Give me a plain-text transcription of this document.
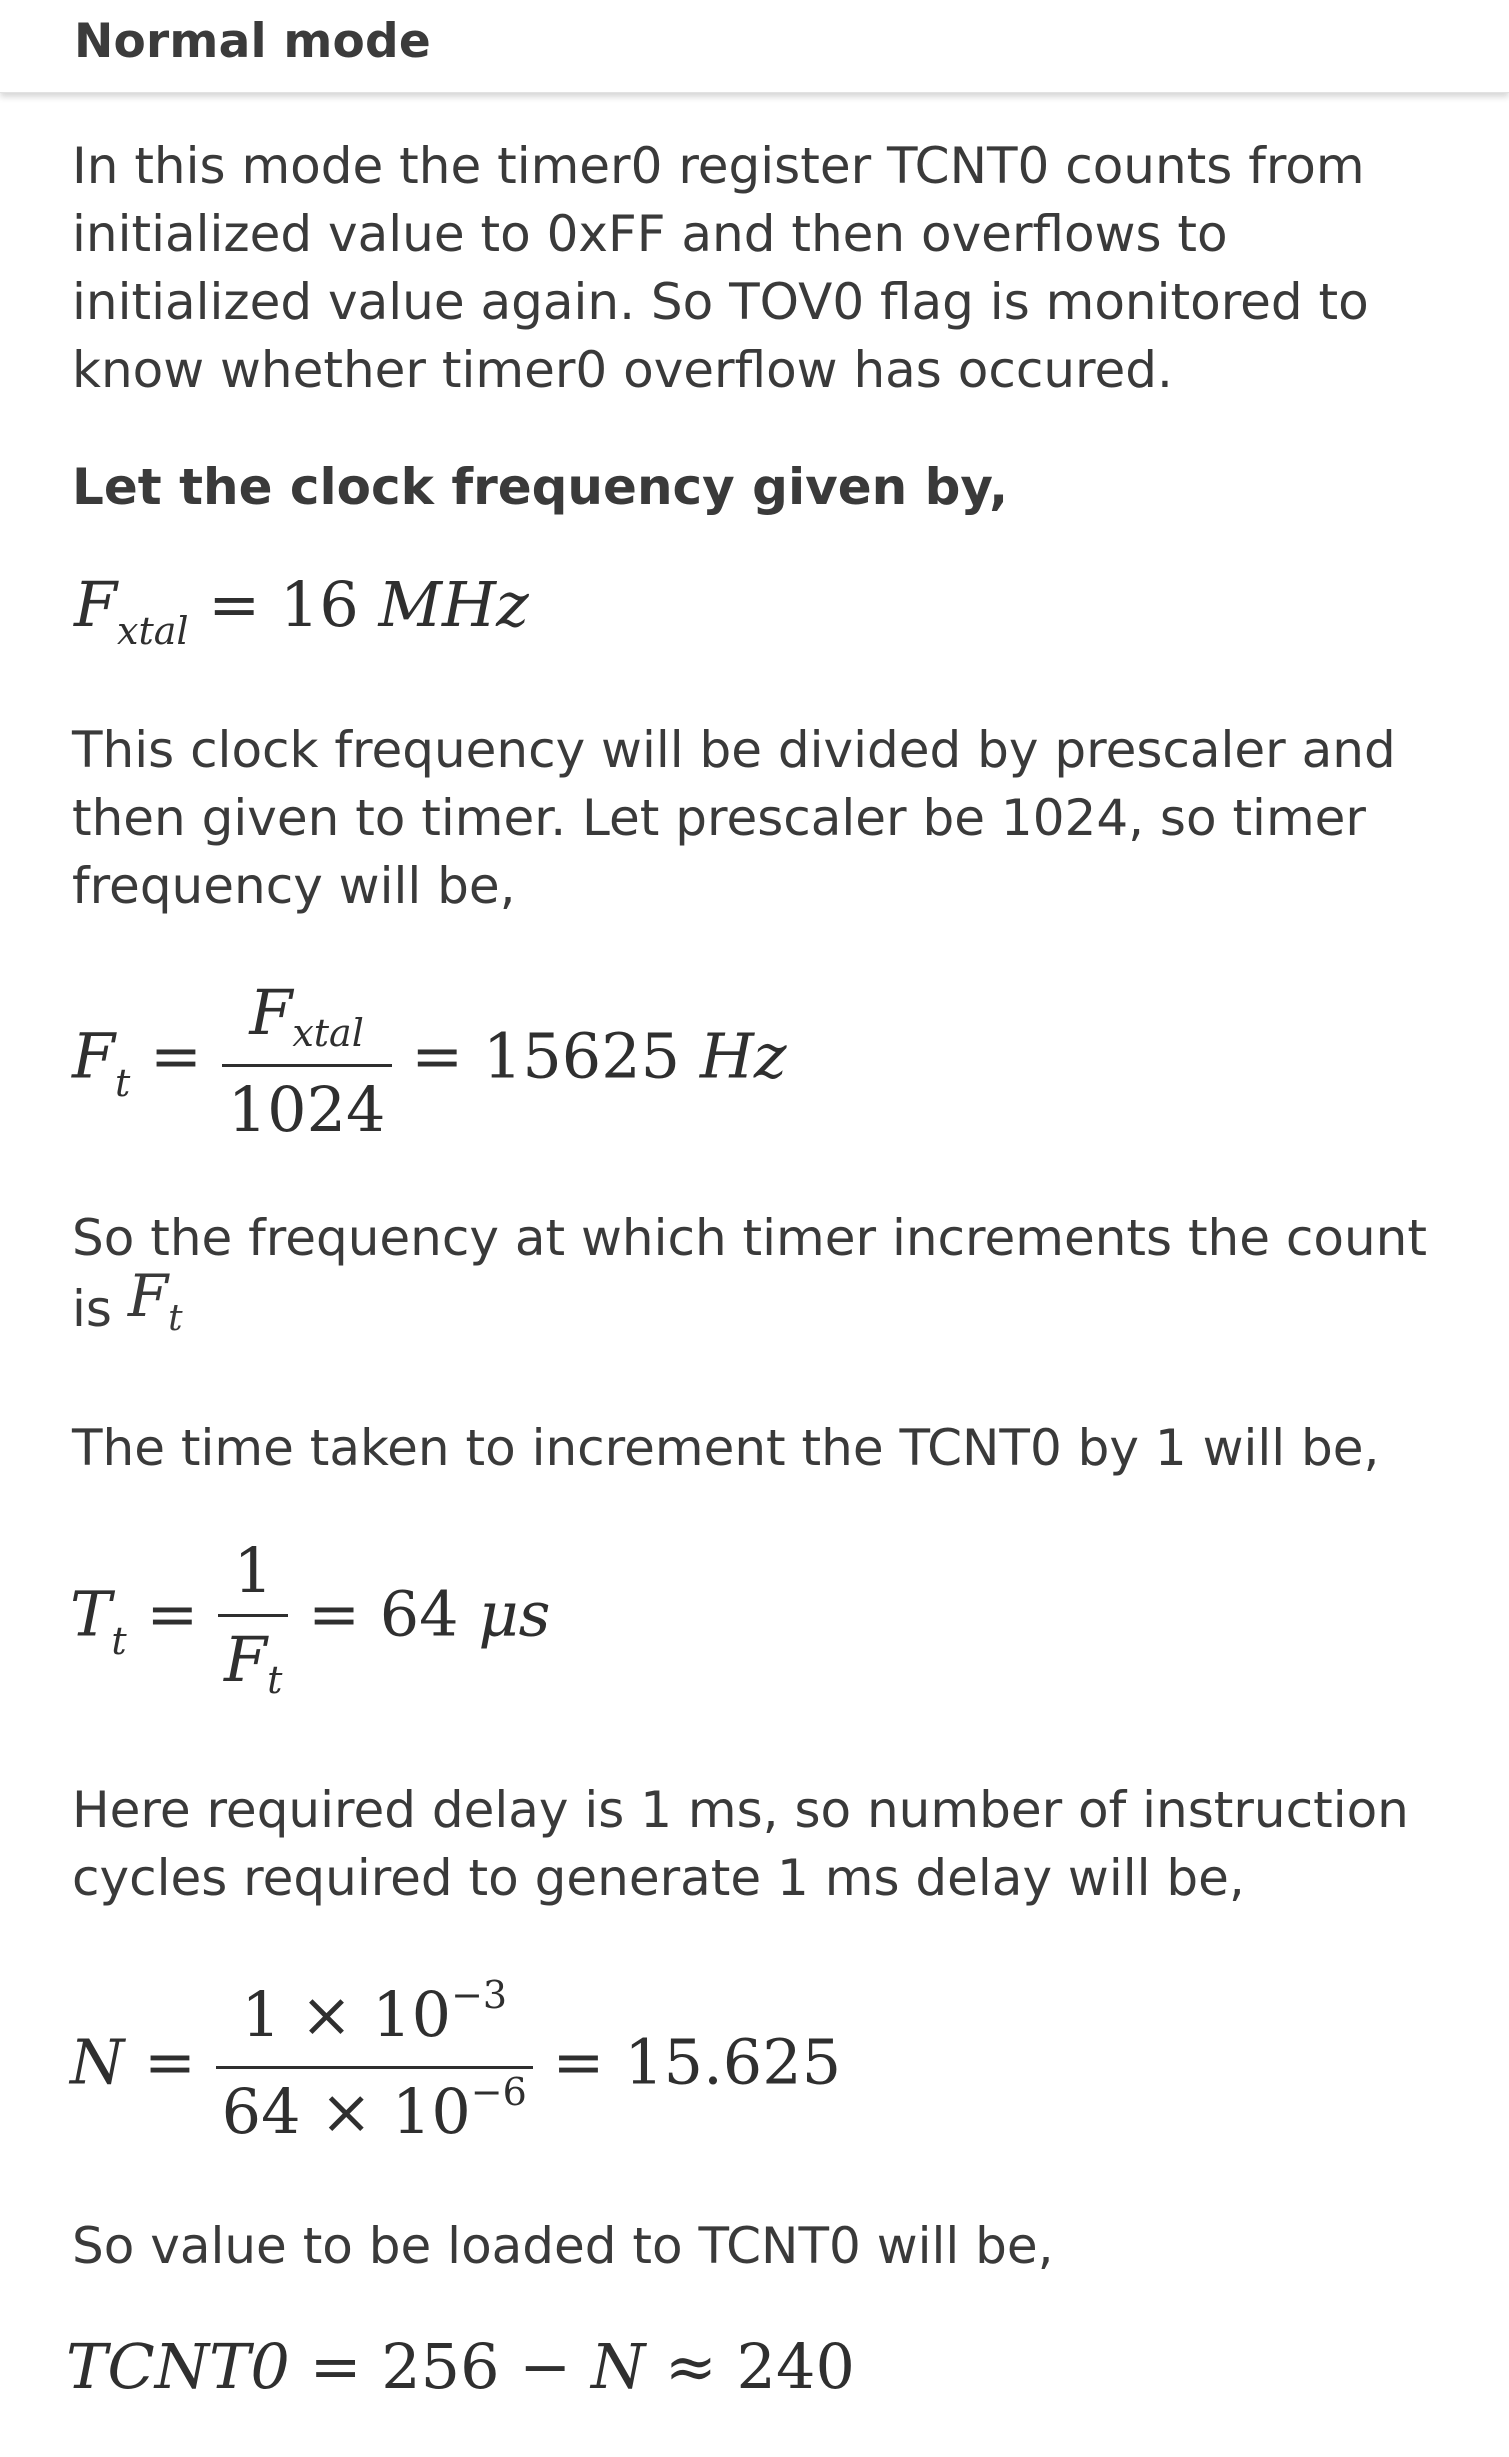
Normal mode

In this mode the timer0 register TCNT0 counts from initialized value to 0xFF and then overflows to initialized value again. So TOV0 flag is monitored to know whether timer0 overflow has occured.

Let the clock frequency given by,
$F_{xtal} = 16$ MHz

This clock frequency will be divided by prescaler and then given to timer. Let prescaler be 1024, so timer frequency will be,

$F_t = \frac{\text{Fxtal}}{1024} = 15625$ Hz

So the frequency at which timer increments the count is $F_t$

The time taken to increment the TCNT0 by 1 will be,

$T_t = \frac{1}{Ft} = 64$ μs

Here required delay is 1 ms, so number of instruction cycles required to generate 1 ms delay will be,

$N = \frac{1 \times 10^{-3}}{64 \times 10^{-6}} = 15.625$

So value to be loaded to TCNT0 will be,

TCNT0 = 256 − N ≈ 240
